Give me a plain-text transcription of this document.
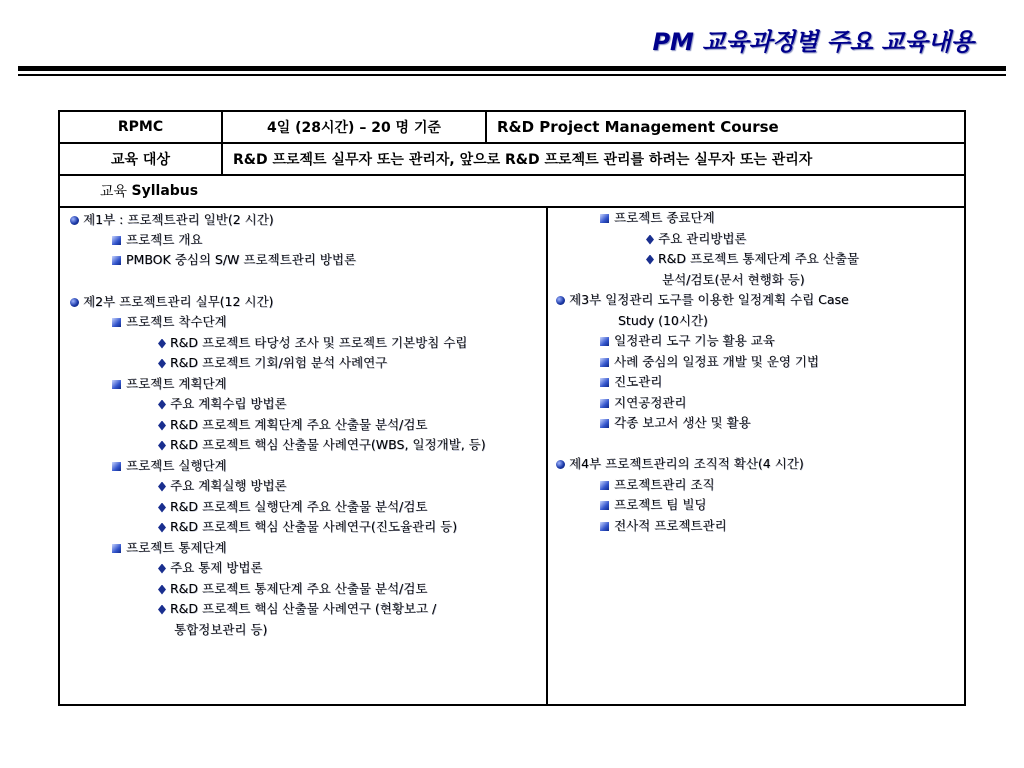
PM 교육과정별 주요 교육내용
RPMC	4일 (28시간) – 20 명 기준	R&D Project Management Course
교육 대상	R&D 프로젝트 실무자 또는 관리자, 앞으로 R&D 프로젝트 관리를 하려는 실무자 또는 관리자
교육
Syllabus
제1부 : 프로젝트관리 일반(2 시간)
프로젝트 개요
PMBOK 중심의 S/W 프로젝트관리 방법론
제2부 프로젝트관리 실무(12 시간)
프로젝트 착수단계
R&D 프로젝트 타당성 조사 및 프로젝트 기본방침 수립
R&D 프로젝트 기회/위험 분석 사례연구
프로젝트 계획단계
주요 계획수립 방법론
R&D 프로젝트 계획단계 주요 산출물 분석/검토
R&D 프로젝트 핵심 산출물 사례연구(WBS, 일정개발, 등)
프로젝트 실행단계
주요 계획실행 방법론
R&D 프로젝트 실행단계 주요 산출물 분석/검토
R&D 프로젝트 핵심 산출물 사례연구(진도율관리 등)
프로젝트 통제단계
주요 통제 방법론
R&D 프로젝트 통제단계 주요 산출물 분석/검토
R&D 프로젝트 핵심 산출물 사례연구 (현황보고 /
통합정보관리 등)
프로젝트 종료단계
주요 관리방법론
R&D 프로젝트 통제단계 주요 산출물
분석/검토(문서 현행화 등)
제3부 일정관리 도구를 이용한 일정계획 수립 Case
Study (10시간)
일정관리 도구 기능 활용 교육
사례 중심의 일정표 개발 및 운영 기법
진도관리
지연공정관리
각종 보고서 생산 및 활용
제4부 프로젝트관리의 조직적 확산(4 시간)
프로젝트관리 조직
프로젝트 팀 빌딩
전사적 프로젝트관리
